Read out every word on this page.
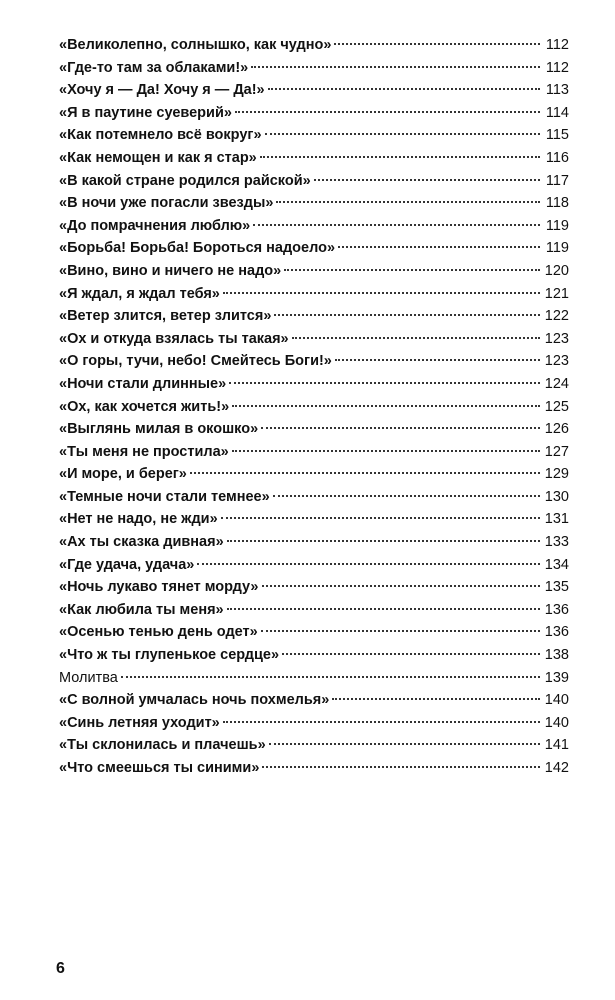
«Великолепно, солнышко, как чудно»	112
«Где-то там за облаками!»	112
«Хочу я — Да! Хочу я — Да!»	113
«Я в паутине суеверий»	114
«Как потемнело всё вокруг»	115
«Как немощен и как я стар»	116
«В какой стране родился райской»	117
«В ночи уже погасли звезды»	118
«До помрачнения люблю»	119
«Борьба! Борьба! Бороться надоело»	119
«Вино, вино и ничего не надо»	120
«Я ждал, я ждал тебя»	121
«Ветер злится, ветер злится»	122
«Ох и откуда взялась ты такая»	123
«О горы, тучи, небо! Смейтесь Боги!»	123
«Ночи стали длинные»	124
«Ох, как хочется жить!»	125
«Выглянь милая в окошко»	126
«Ты меня не простила»	127
«И море, и берег»	129
«Темные ночи стали темнее»	130
«Нет не надо, не жди»	131
«Ах ты сказка дивная»	133
«Где удача, удача»	134
«Ночь лукаво тянет морду»	135
«Как любила ты меня»	136
«Осенью тенью день одет»	136
«Что ж ты глупенькое сердце»	138
Молитва	139
«С волной умчалась ночь похмелья»	140
«Синь летняя уходит»	140
«Ты склонилась и плачешь»	141
«Что смеешься ты синими»	142
6
